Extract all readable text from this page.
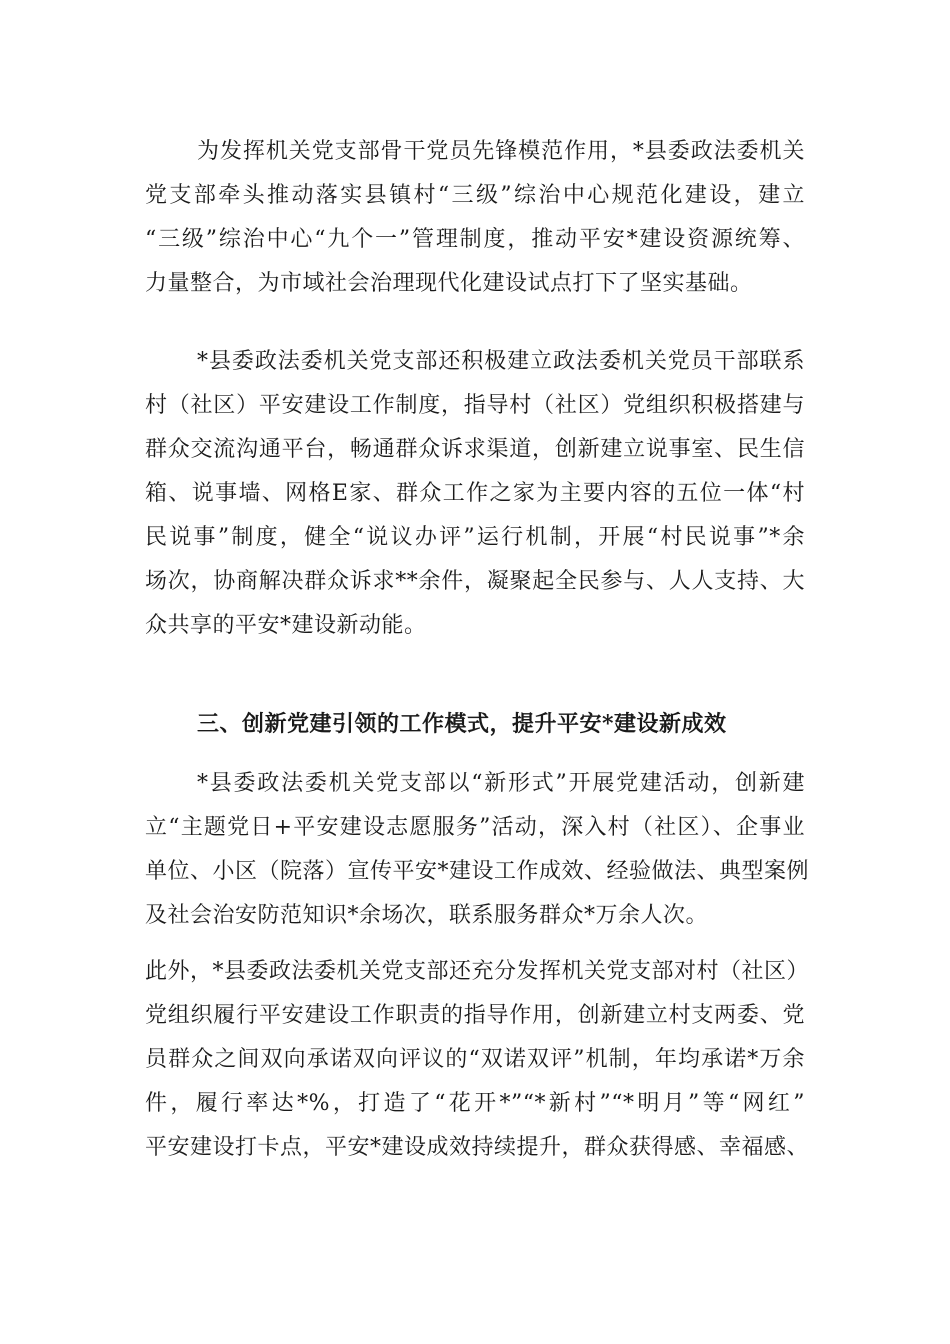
为发挥机关党支部骨干党员先锋模范作用，*县委政法委机关
党支部牵头推动落实县镇村“三级”综治中心规范化建设，建立
“三级”综治中心“九个一”管理制度，推动平安*建设资源统筹、
力量整合，为市域社会治理现代化建设试点打下了坚实基础。
*县委政法委机关党支部还积极建立政法委机关党员干部联系
村（社区）平安建设工作制度，指导村（社区）党组织积极搭建与
群众交流沟通平台，畅通群众诉求渠道，创新建立说事室、民生信
箱、说事墙、网格E家、群众工作之家为主要内容的五位一体“村
民说事”制度，健全“说议办评”运行机制，开展“村民说事”*余
场次，协商解决群众诉求**余件，凝聚起全民参与、人人支持、大
众共享的平安*建设新动能。
三、创新党建引领的工作模式，提升平安*建设新成效
*县委政法委机关党支部以“新形式”开展党建活动，创新建
立“主题党日+平安建设志愿服务”活动，深入村（社区）、企事业
单位、小区（院落）宣传平安*建设工作成效、经验做法、典型案例
及社会治安防范知识*余场次，联系服务群众*万余人次。
此外，*县委政法委机关党支部还充分发挥机关党支部对村（社区）
党组织履行平安建设工作职责的指导作用，创新建立村支两委、党
员群众之间双向承诺双向评议的“双诺双评”机制，年均承诺*万余
件，履行率达*%，打造了“花开*”“*新村”“*明月”等“网红”
平安建设打卡点，平安*建设成效持续提升，群众获得感、幸福感、
